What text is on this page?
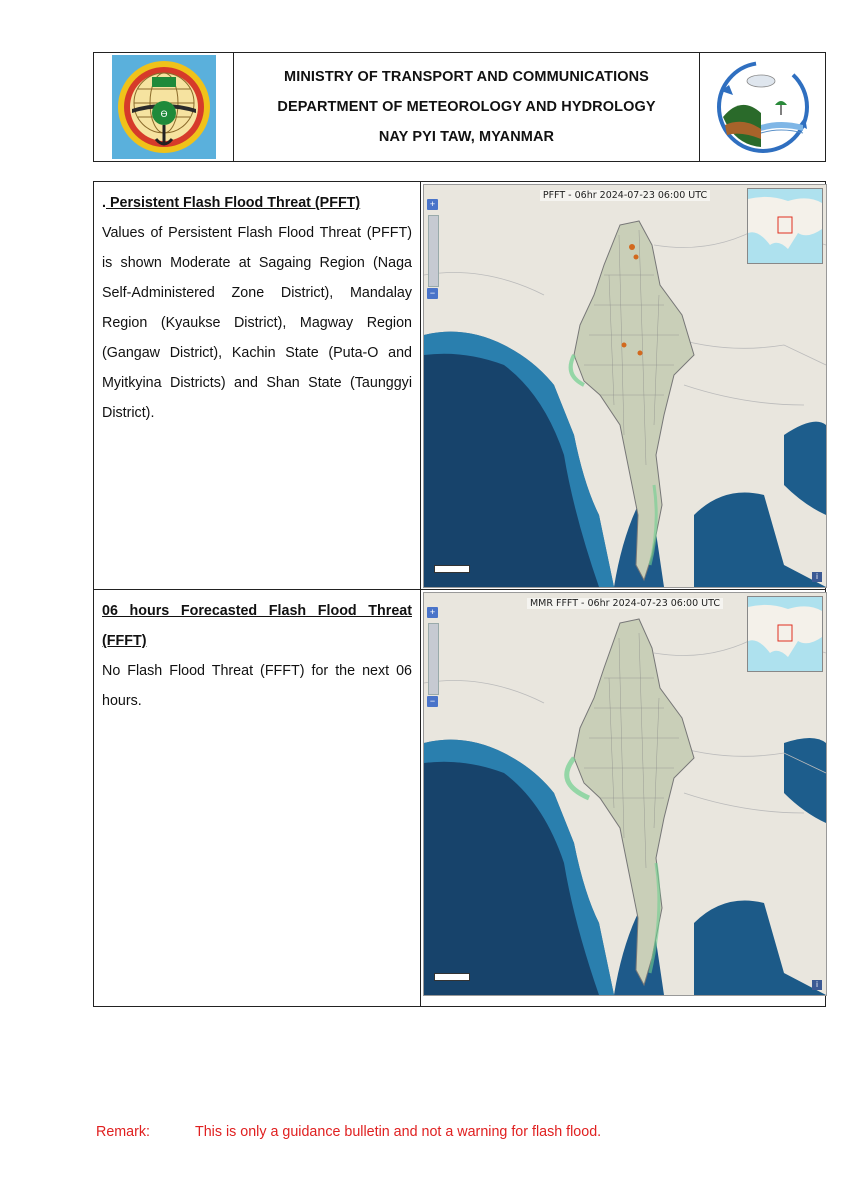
ϴ
MINISTRY OF TRANSPORT AND COMMUNICATIONS
DEPARTMENT OF METEOROLOGY AND HYDROLOGY
NAY PYI TAW, MYANMAR

. Persistent Flash Flood Threat (PFFT)

Values of Persistent Flash Flood Threat (PFFT) is shown Moderate at Sagaing Region (Naga Self-Administered Zone District), Mandalay Region (Kyaukse District), Magway Region (Gangaw District), Kachin State (Puta-O and Myitkyina Districts) and Shan State (Taunggyi District).

PFFT - 06hr 2024-07-23 06:00 UTC
+
−
i

06 hours Forecasted Flash Flood Threat (FFFT)

No Flash Flood Threat (FFFT) for the next 06 hours.

MMR FFFT - 06hr 2024-07-23 06:00 UTC
+
−
i
Remark:	This is only a guidance bulletin and not a warning for flash flood.
